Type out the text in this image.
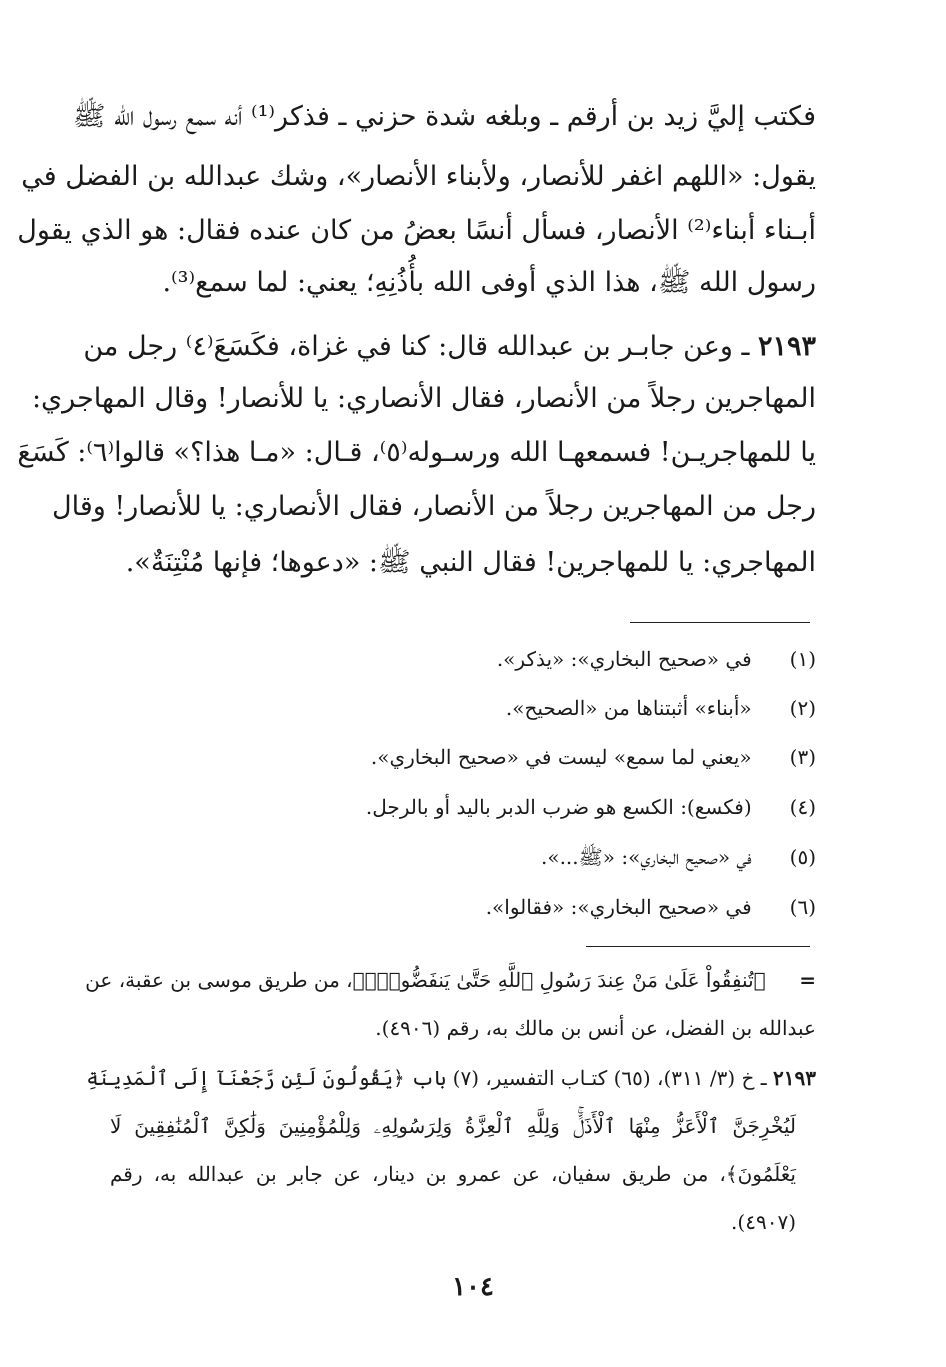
فكتب إليَّ زيد بن أرقم ـ وبلغه شدة حزني ـ فذكر⁽¹⁾ أنه سمع رسول الله ﷺ
يقول: «اللهم اغفر للأنصار، ولأبناء الأنصار»، وشك عبدالله بن الفضل في
أبـناء أبناء⁽²⁾ الأنصار، فسأل أنسًا بعضُ من كان عنده فقال: هو الذي يقول
رسول الله ﷺ، هذا الذي أوفى الله بأُذُنِهِ؛ يعني: لما سمع⁽³⁾.
٢١٩٣ ـ وعن جابـر بن عبدالله قال: كنا في غزاة، فكَسَعَ⁽٤⁾ رجل من
المهاجرين رجلاً من الأنصار، فقال الأنصاري: يا للأنصار! وقال المهاجري:
يا للمهاجريـن! فسمعهـا الله ورسـوله⁽٥⁾، قـال: «مـا هذا؟» قالوا⁽٦⁾: كَسَعَ
رجل من المهاجرين رجلاً من الأنصار، فقال الأنصاري: يا للأنصار! وقال
المهاجري: يا للمهاجرين! فقال النبي ﷺ: «دعوها؛ فإنها مُنْتِنَةٌ».
(١) في «صحيح البخاري»: «يذكر».
(٢) «أبناء» أثبتناها من «الصحيح».
(٣) «يعني لما سمع» ليست في «صحيح البخاري».
(٤) (فكسع): الكسع هو ضرب الدبر باليد أو بالرجل.
(٥) في «صحيح البخاري»: «ﷺ...».
(٦) في «صحيح البخاري»: «فقالوا».
= ﴿تُنفِقُواْ عَلَىٰ مَنْ عِندَ رَسُولِ ٱللَّهِ حَتَّىٰ يَنفَضُّواْۗ﴾، من طريق موسى بن عقبة، عن
عبدالله بن الفضل، عن أنس بن مالك به، رقم (٤٩٠٦).
٢١٩٣ ـ خ (٣/ ٣١١)، (٦٥) كتـاب التفسير، (٧) باب ﴿يَقُولُونَ لَئِن رَّجَعْنَآ إِلَى ٱلْمَدِينَةِ
لَيُخْرِجَنَّ ٱلْأَعَزُّ مِنْهَا ٱلْأَذَلَّۚ وَلِلَّهِ ٱلْعِزَّةُ وَلِرَسُولِهِۦ وَلِلْمُؤْمِنِينَ وَلَٰكِنَّ ٱلْمُنَٰفِقِينَ لَا
يَعْلَمُونَ﴾، من طريق سفيان، عن عمرو بن دينار، عن جابر بن عبدالله به، رقم
(٤٩٠٧).
١٠٤
